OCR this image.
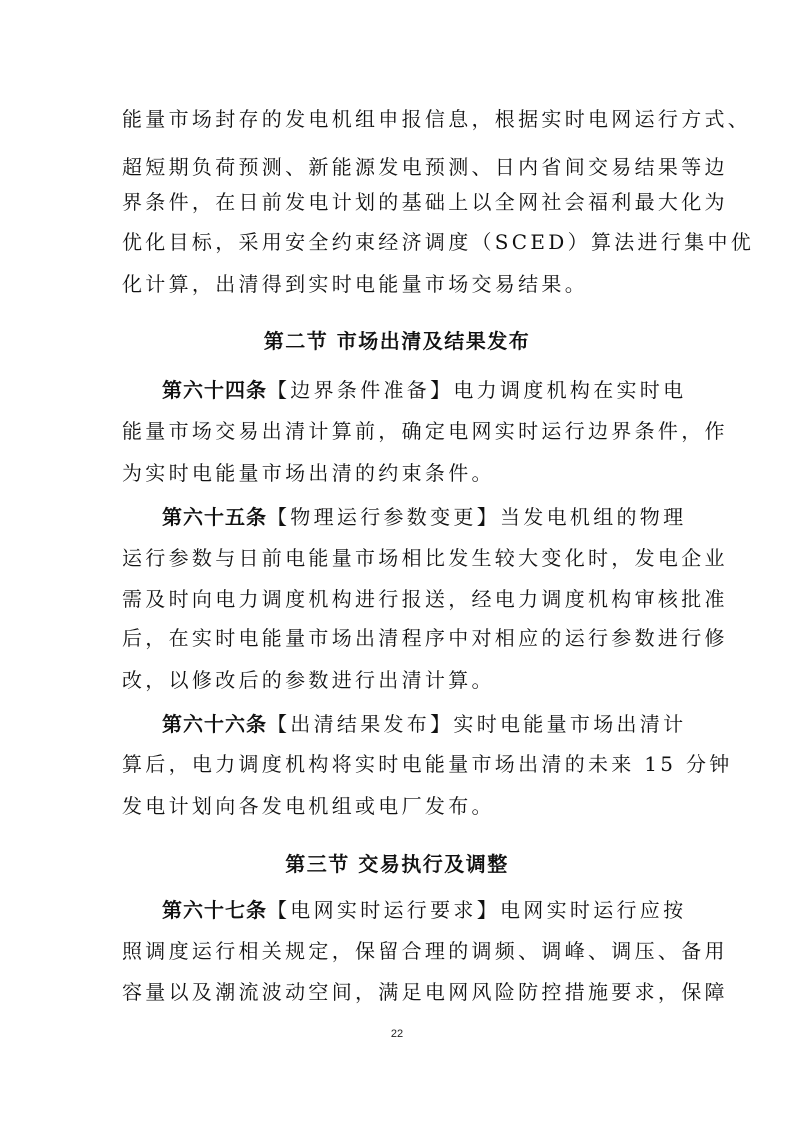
能量市场封存的发电机组申报信息，根据实时电网运行方式、
超短期负荷预测、新能源发电预测、日内省间交易结果等边
界条件，在日前发电计划的基础上以全网社会福利最大化为
优化目标，采用安全约束经济调度（SCED）算法进行集中优
化计算，出清得到实时电能量市场交易结果。
第二节 市场出清及结果发布
第六十四条【边界条件准备】电力调度机构在实时电
能量市场交易出清计算前，确定电网实时运行边界条件，作
为实时电能量市场出清的约束条件。
第六十五条【物理运行参数变更】当发电机组的物理
运行参数与日前电能量市场相比发生较大变化时，发电企业
需及时向电力调度机构进行报送，经电力调度机构审核批准
后，在实时电能量市场出清程序中对相应的运行参数进行修
改，以修改后的参数进行出清计算。
第六十六条【出清结果发布】实时电能量市场出清计
算后，电力调度机构将实时电能量市场出清的未来 15 分钟
发电计划向各发电机组或电厂发布。
第三节 交易执行及调整
第六十七条【电网实时运行要求】电网实时运行应按
照调度运行相关规定，保留合理的调频、调峰、调压、备用
容量以及潮流波动空间，满足电网风险防控措施要求，保障
22
